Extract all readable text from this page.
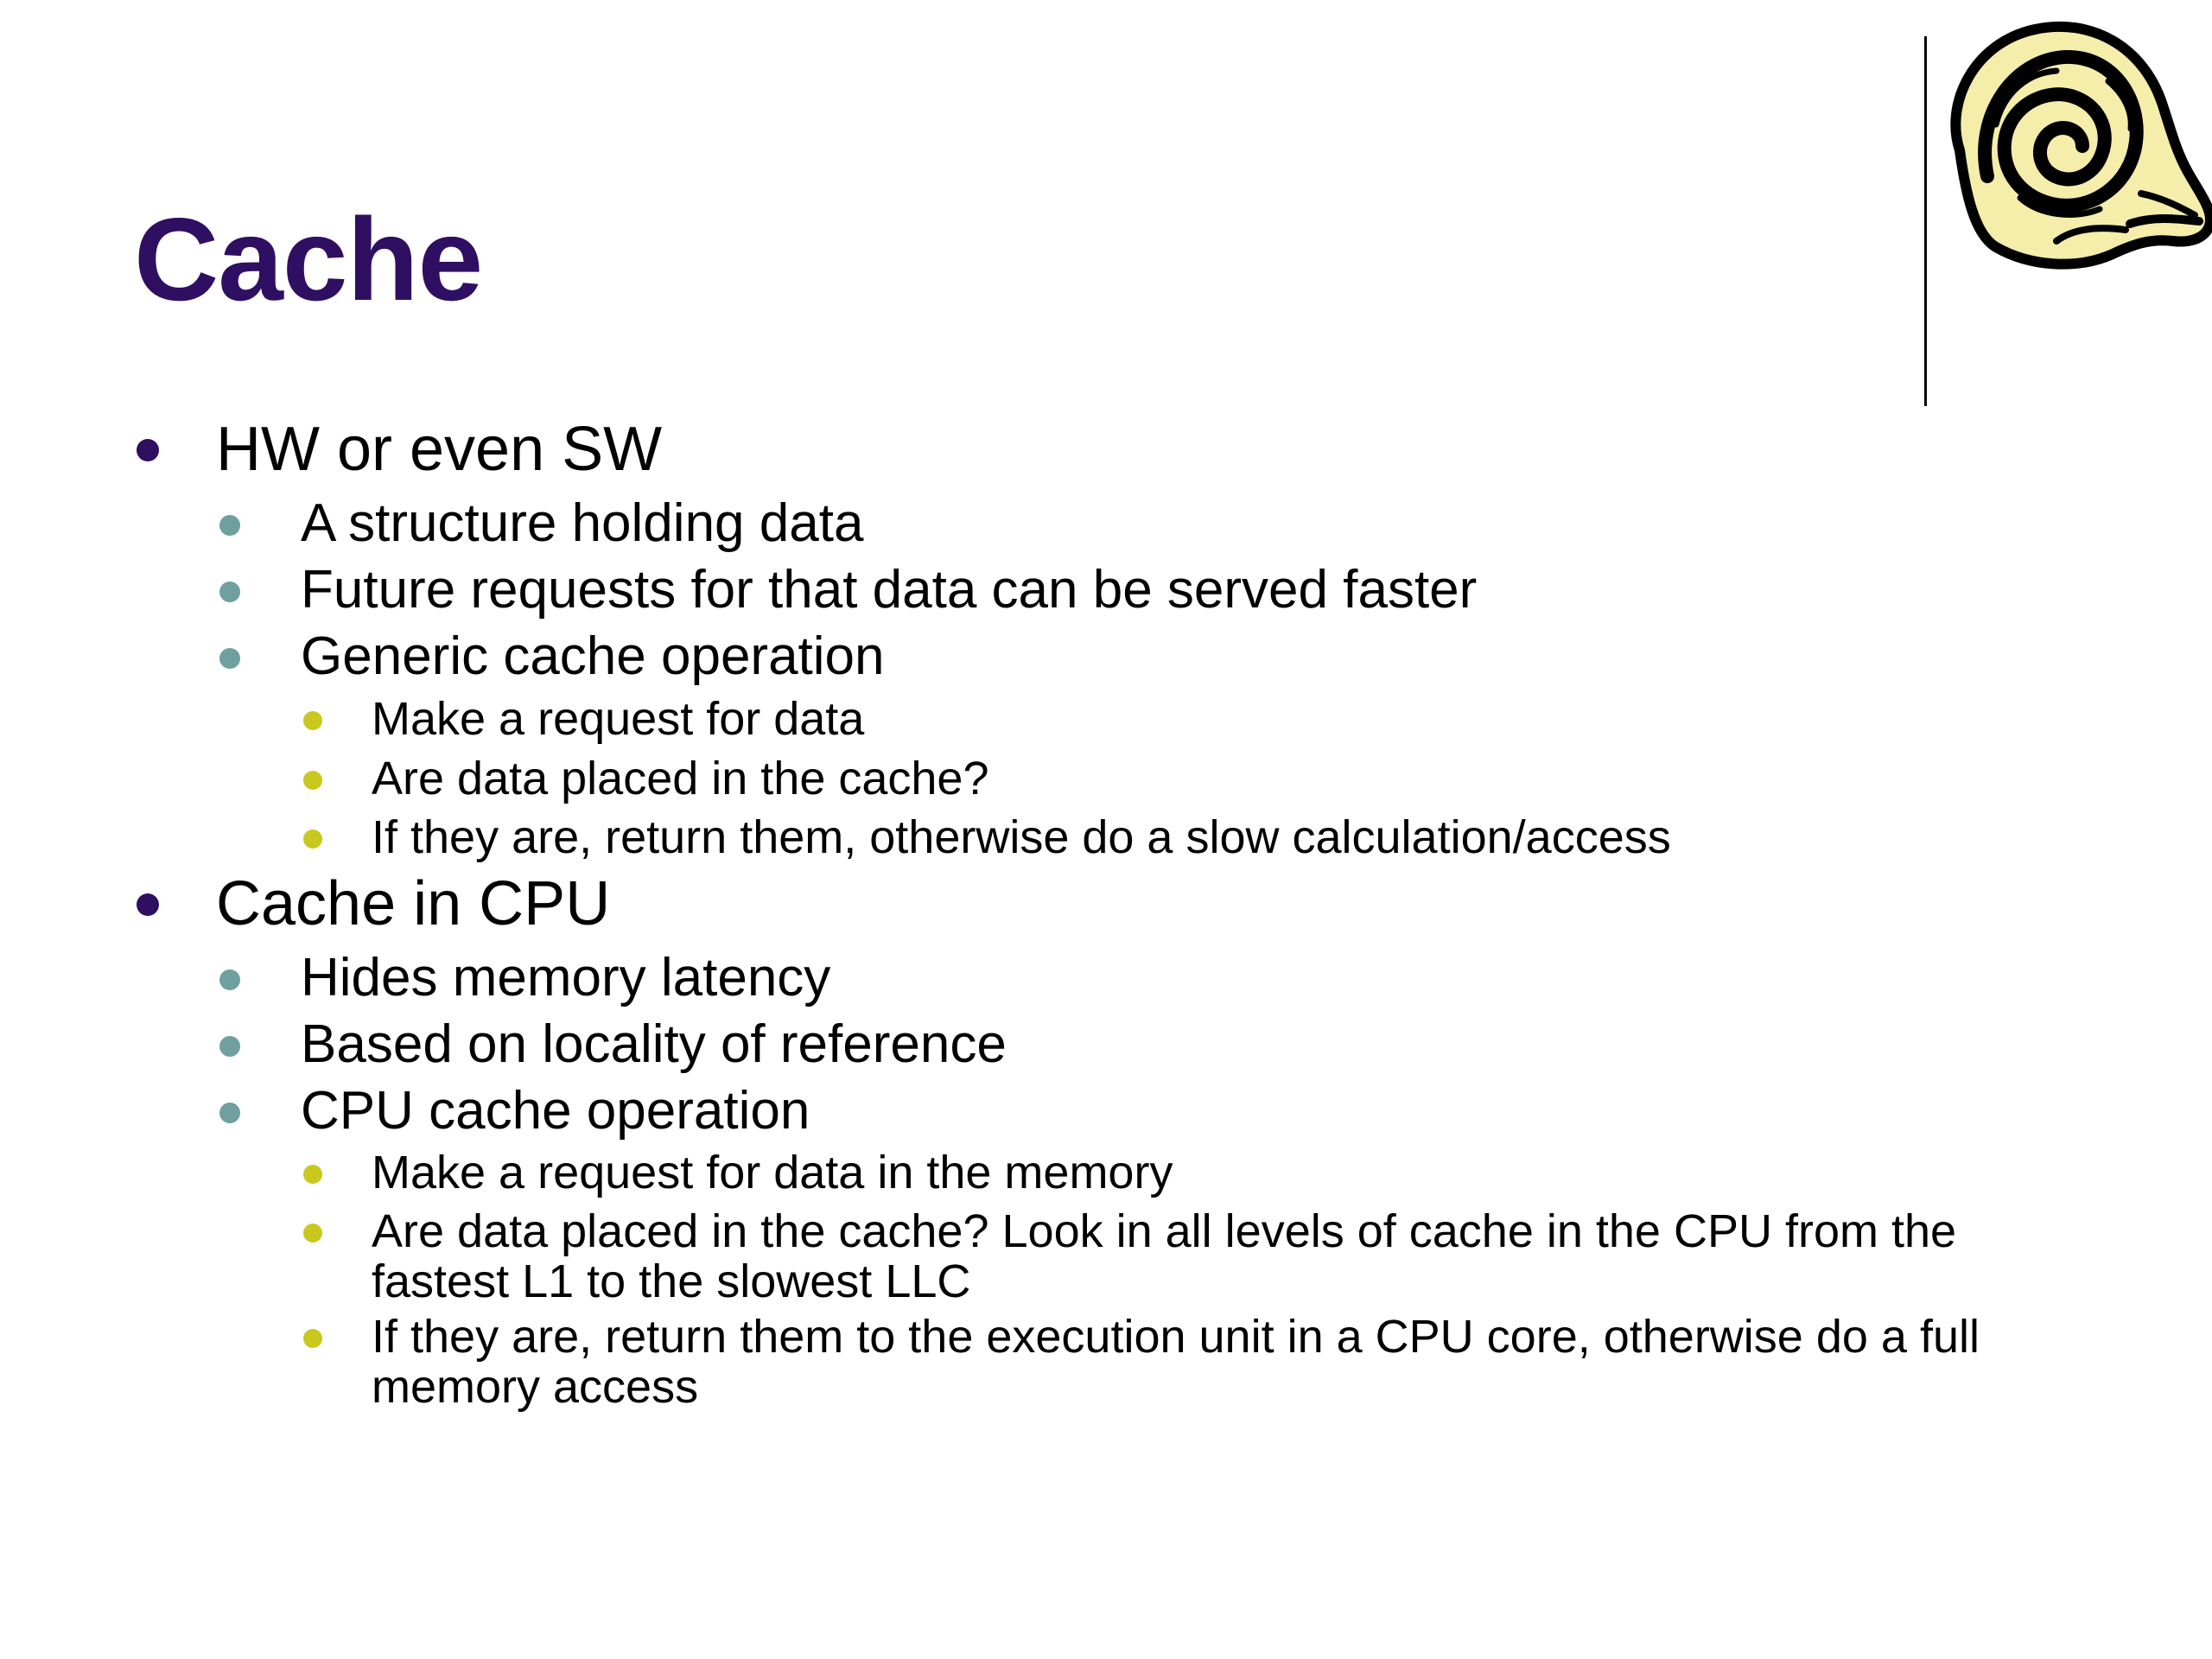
Cache
HW or even SW
A structure holding data
Future requests for that data can be served faster
Generic cache operation
Make a request for data
Are data placed in the cache?
If they are, return them, otherwise do a slow calculation/access
Cache in CPU
Hides memory latency
Based on locality of reference
CPU cache operation
Make a request for data in the memory
Are data placed in the cache? Look in all levels of cache in the CPU from the fastest L1 to the slowest LLC
If they are, return them to the execution unit in a CPU core, otherwise do a full memory access
